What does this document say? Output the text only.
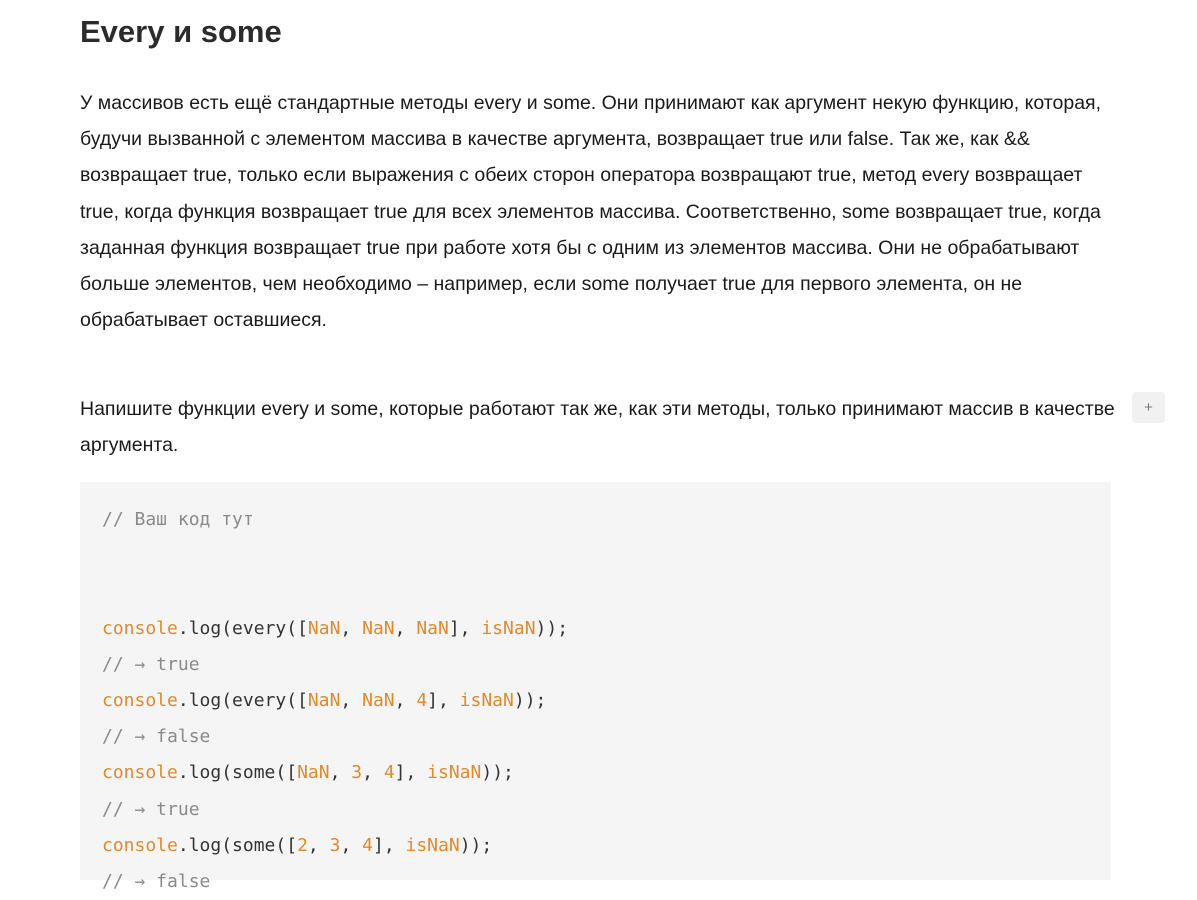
Every и some

У массивов есть ещё стандартные методы every и some. Они принимают как аргумент некую функцию, которая, будучи вызванной с элементом массива в качестве аргумента, возвращает true или false. Так же, как && возвращает true, только если выражения с обеих сторон оператора возвращают true, метод every возвращает true, когда функция возвращает true для всех элементов массива. Соответственно, some возвращает true, когда заданная функция возвращает true при работе хотя бы с одним из элементов массива. Они не обрабатывают больше элементов, чем необходимо – например, если some получает true для первого элемента, он не обрабатывает оставшиеся.

Напишите функции every и some, которые работают так же, как эти методы, только принимают массив в качестве аргумента.

+
// Ваш код тут
console.log(every([NaN, NaN, NaN], isNaN));
// → true
console.log(every([NaN, NaN, 4], isNaN));
// → false
console.log(some([NaN, 3, 4], isNaN));
// → true
console.log(some([2, 3, 4], isNaN));
// → false
